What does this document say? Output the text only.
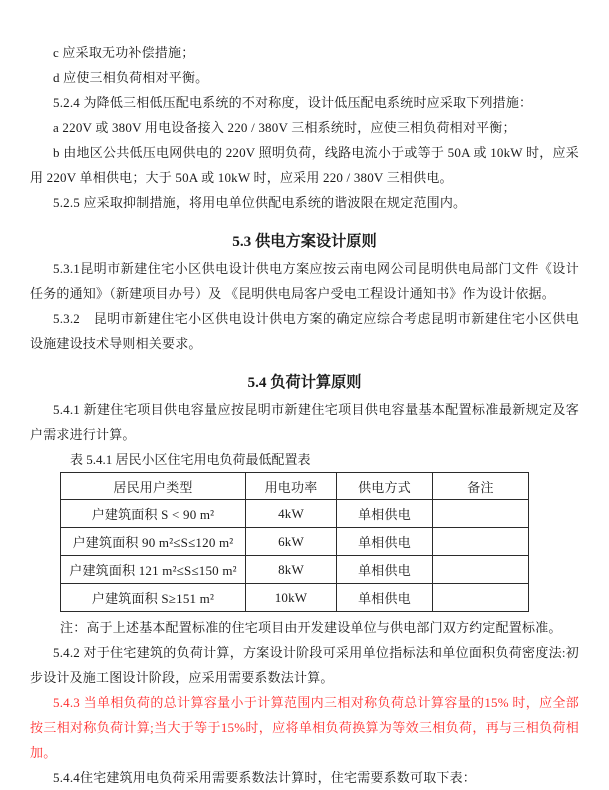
c 应采取无功补偿措施；

d 应使三相负荷相对平衡。

5.2.4 为降低三相低压配电系统的不对称度，设计低压配电系统时应采取下列措施：

a 220V 或 380V 用电设备接入 220 / 380V 三相系统时，应使三相负荷相对平衡；

b 由地区公共低压电网供电的 220V 照明负荷，线路电流小于或等于 50A 或 10kW 时，应采用 220V 单相供电；大于 50A 或 10kW 时，应采用 220 / 380V 三相供电。

5.2.5 应采取抑制措施，将用电单位供配电系统的谐波限在规定范围内。

5.3 供电方案设计原则

5.3.1昆明市新建住宅小区供电设计供电方案应按云南电网公司昆明供电局部门文件《设计任务的通知》（新建项目办号）及 《昆明供电局客户受电工程设计通知书》作为设计依据。

5.3.2　昆明市新建住宅小区供电设计供电方案的确定应综合考虑昆明市新建住宅小区供电设施建设技术导则相关要求。

5.4 负荷计算原则

5.4.1 新建住宅项目供电容量应按昆明市新建住宅项目供电容量基本配置标准最新规定及客户需求进行计算。

表 5.4.1 居民小区住宅用电负荷最低配置表

居民用户类型	用电功率	供电方式	备注
户建筑面积 S < 90 m²	4kW	单相供电	
户建筑面积 90 m²≤S≤120 m²	6kW	单相供电	
户建筑面积 121 m²≤S≤150 m²	8kW	单相供电	
户建筑面积 S≥151 m²	10kW	单相供电	

注：高于上述基本配置标准的住宅项目由开发建设单位与供电部门双方约定配置标准。

5.4.2 对于住宅建筑的负荷计算，方案设计阶段可采用单位指标法和单位面积负荷密度法:初步设计及施工图设计阶段，应采用需要系数法计算。

5.4.3 当单相负荷的总计算容量小于计算范围内三相对称负荷总计算容量的15% 时，应全部按三相对称负荷计算;当大于等于15%时，应将单相负荷换算为等效三相负荷，再与三相负荷相加。

5.4.4住宅建筑用电负荷采用需要系数法计算时，住宅需要系数可取下表：
